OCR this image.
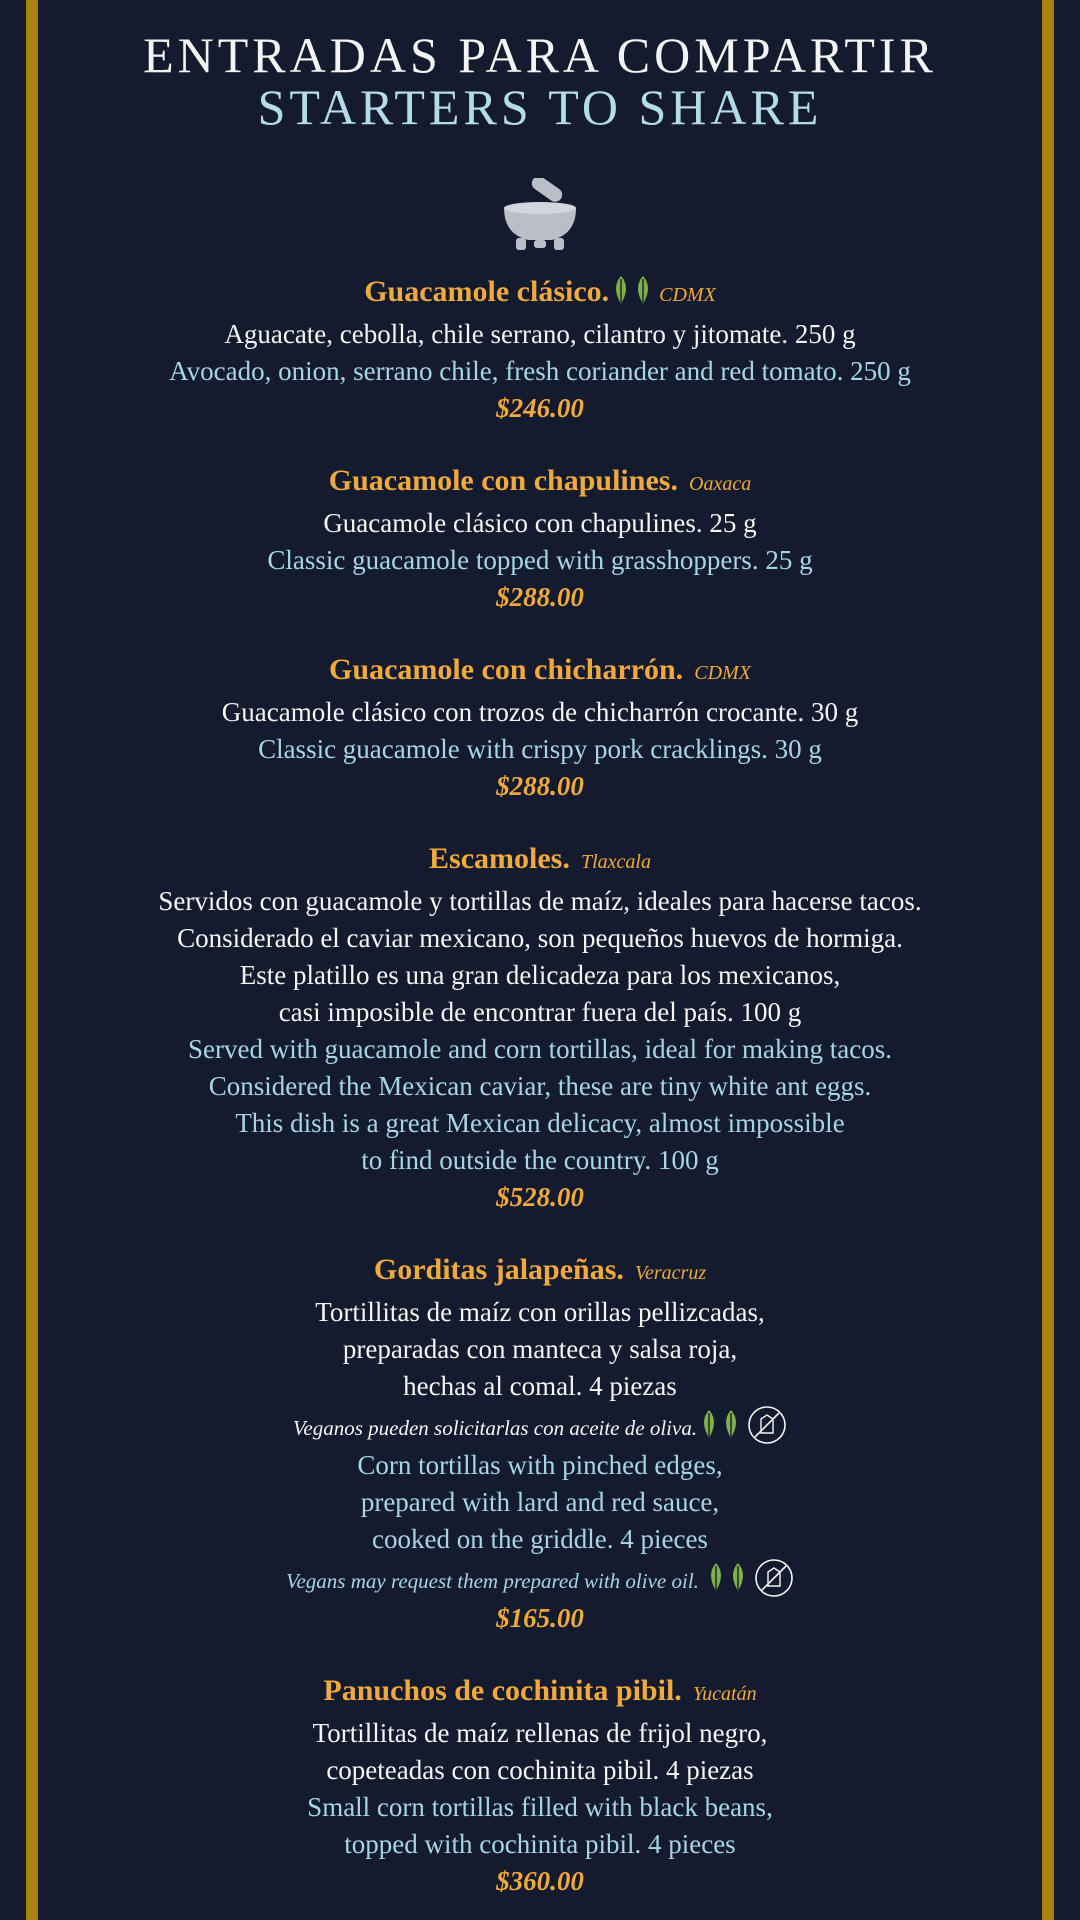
ENTRADAS PARA COMPARTIR
STARTERS TO SHARE
Guacamole clásico.	CDMX
Aguacate, cebolla, chile serrano, cilantro y jitomate. 250 g
Avocado, onion, serrano chile, fresh coriander and red tomato. 250 g
$246.00
Guacamole con chapulines. Oaxaca
Guacamole clásico con chapulines. 25 g
Classic guacamole topped with grasshoppers. 25 g
$288.00
Guacamole con chicharrón. CDMX
Guacamole clásico con trozos de chicharrón crocante. 30 g
Classic guacamole with crispy pork cracklings. 30 g
$288.00
Escamoles. Tlaxcala
Servidos con guacamole y tortillas de maíz, ideales para hacerse tacos.
Considerado el caviar mexicano, son pequeños huevos de hormiga.
Este platillo es una gran delicadeza para los mexicanos,
casi imposible de encontrar fuera del país. 100 g
Served with guacamole and corn tortillas, ideal for making tacos.
Considered the Mexican caviar, these are tiny white ant eggs.
This dish is a great Mexican delicacy, almost impossible
to find outside the country. 100 g
$528.00
Gorditas jalapeñas. Veracruz
Tortillitas de maíz con orillas pellizcadas,
preparadas con manteca y salsa roja,
hechas al comal. 4 piezas
Veganos pueden solicitarlas con aceite de oliva.
Corn tortillas with pinched edges,
prepared with lard and red sauce,
cooked on the griddle. 4 pieces
Vegans may request them prepared with olive oil.
$165.00
Panuchos de cochinita pibil. Yucatán
Tortillitas de maíz rellenas de frijol negro,
copeteadas con cochinita pibil. 4 piezas
Small corn tortillas filled with black beans,
topped with cochinita pibil. 4 pieces
$360.00
